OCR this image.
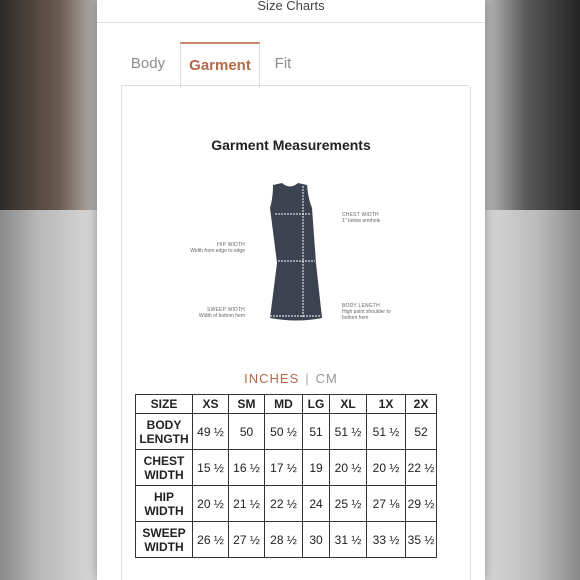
Size Charts
Body	Garment	Fit
Garment Measurements
HIP WIDTH
Width from edge to edge
SWEEP WIDTH
Width of bottom hem
CHEST WIDTH
1" below armhole
BODY LENGTH
High point shoulder to
bottom hem
INCHES | CM
SIZE	XS	SM	MD	LG	XL	1X	2X
BODY
LENGTH	49 ½	50	50 ½	51	51 ½	51 ½	52
CHEST
WIDTH	15 ½	16 ½	17 ½	19	20 ½	20 ½	22 ½
HIP
WIDTH	20 ½	21 ½	22 ½	24	25 ½	27 ⅛	29 ½
SWEEP
WIDTH	26 ½	27 ½	28 ½	30	31 ½	33 ½	35 ½
